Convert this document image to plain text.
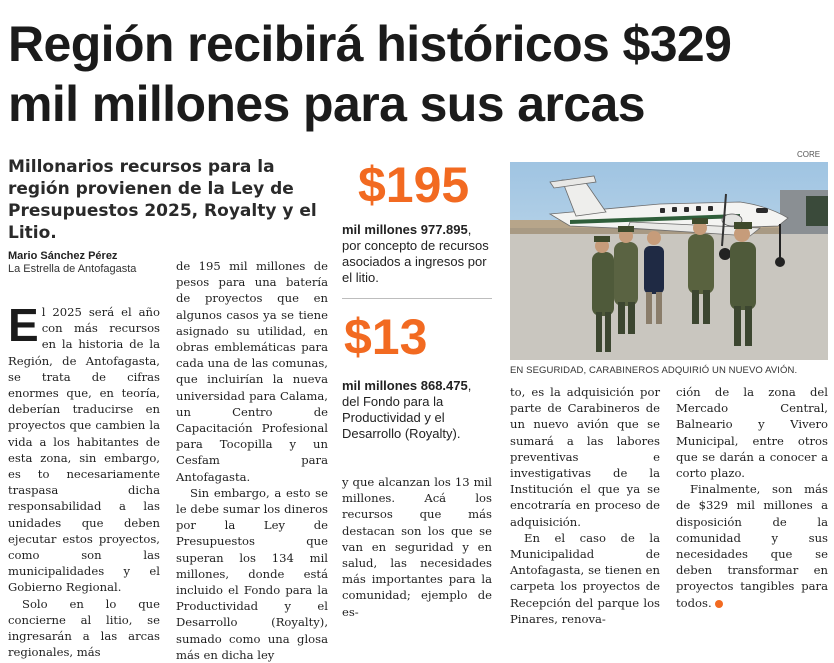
Región recibirá históricos $329
mil millones para sus arcas
Millonarios recursos para la región provienen de la Ley de Presupuestos 2025, Royalty y el Litio.
Mario Sánchez Pérez
La Estrella de Antofagasta

El 2025 será el año con más recursos en la historia de la Región, de Antofagasta, se trata de cifras enormes que, en teoría, deberían traducirse en proyectos que cambien la vida a los habitantes de esta zona, sin embargo, es to necesariamente traspasa dicha responsabilidad a las unidades que deben ejecutar estos proyectos, como son las municipalidades y el Gobierno Regional.

Solo en lo que concierne al litio, se ingresarán a las arcas regionales, más

de 195 mil millones de pesos para una batería de proyectos que en algunos casos ya se tiene asignado su utilidad, en obras emblemáticas para cada una de las comunas, que incluirían la nueva universidad para Calama, un Centro de Capacitación Profesional para Tocopilla y un Cesfam para Antofagasta.

Sin embargo, a esto se le debe sumar los dineros por la Ley de Presupuestos que superan los 134 mil millones, donde está incluido el Fondo para la Productividad y el Desarrollo (Royalty), sumado como una glosa más en dicha ley

$195
mil millones 977.895, por concepto de recursos asociados a ingresos por el litio.
$13
mil millones 868.475, del Fondo para la Productividad y el Desarrollo (Royalty).

y que alcanzan los 13 mil millones. Acá los recursos que más destacan son los que se van en seguridad y en salud, las necesidades más importantes para la comunidad; ejemplo de es-

CORE
EN SEGURIDAD, CARABINEROS ADQUIRIÓ UN NUEVO AVIÓN.

to, es la adquisición por parte de Carabineros de un nuevo avión que se sumará a las labores preventivas e investigativas de la Institución el que ya se encotraría en proceso de adquisición.

En el caso de la Municipalidad de Antofagasta, se tienen en carpeta los proyectos de Recepción del parque los Pinares, renova-

ción de la zona del Mercado Central, Balneario y Vivero Municipal, entre otros que se darán a conocer a corto plazo.

Finalmente, son más de $329 mil millones a disposición de la comunidad y sus necesidades que se deben transformar en proyectos tangibles para todos.
